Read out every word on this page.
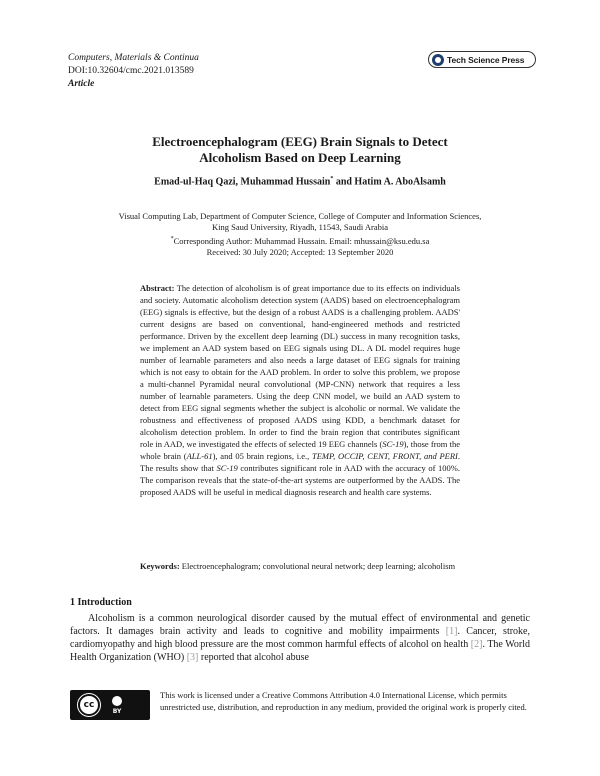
Computers, Materials & Continua
DOI:10.32604/cmc.2021.013589
Article
Tech Science Press
Electroencephalogram (EEG) Brain Signals to Detect
Alcoholism Based on Deep Learning
Emad-ul-Haq Qazi, Muhammad Hussain* and Hatim A. AboAlsamh
Visual Computing Lab, Department of Computer Science, College of Computer and Information Sciences,
King Saud University, Riyadh, 11543, Saudi Arabia
*Corresponding Author: Muhammad Hussain. Email: mhussain@ksu.edu.sa
Received: 30 July 2020; Accepted: 13 September 2020
Abstract: The detection of alcoholism is of great importance due to its effects on individuals and society. Automatic alcoholism detection system (AADS) based on electroencephalogram (EEG) signals is effective, but the design of a robust AADS is a challenging problem. AADS' current designs are based on conventional, hand-engineered methods and restricted performance. Driven by the excellent deep learning (DL) success in many recognition tasks, we implement an AAD system based on EEG signals using DL. A DL model requires huge number of learnable parameters and also needs a large dataset of EEG signals for training which is not easy to obtain for the AAD problem. In order to solve this problem, we propose a multi-channel Pyramidal neural convolutional (MP-CNN) network that requires a less number of learnable parameters. Using the deep CNN model, we build an AAD system to detect from EEG signal segments whether the subject is alcoholic or normal. We validate the robustness and effectiveness of proposed AADS using KDD, a benchmark dataset for alcoholism detection problem. In order to find the brain region that contributes significant role in AAD, we investigated the effects of selected 19 EEG channels (SC-19), those from the whole brain (ALL-61), and 05 brain regions, i.e., TEMP, OCCIP, CENT, FRONT, and PERI. The results show that SC-19 contributes significant role in AAD with the accuracy of 100%. The comparison reveals that the state-of-the-art systems are outperformed by the AADS. The proposed AADS will be useful in medical diagnosis research and health care systems.
Keywords: Electroencephalogram; convolutional neural network; deep learning; alcoholism
1 Introduction
Alcoholism is a common neurological disorder caused by the mutual effect of environmental and genetic factors. It damages brain activity and leads to cognitive and mobility impairments [1]. Cancer, stroke, cardiomyopathy and high blood pressure are the most common harmful effects of alcohol on health [2]. The World Health Organization (WHO) [3] reported that alcohol abuse
cc
BY
This work is licensed under a Creative Commons Attribution 4.0 International License, which permits unrestricted use, distribution, and reproduction in any medium, provided the original work is properly cited.
